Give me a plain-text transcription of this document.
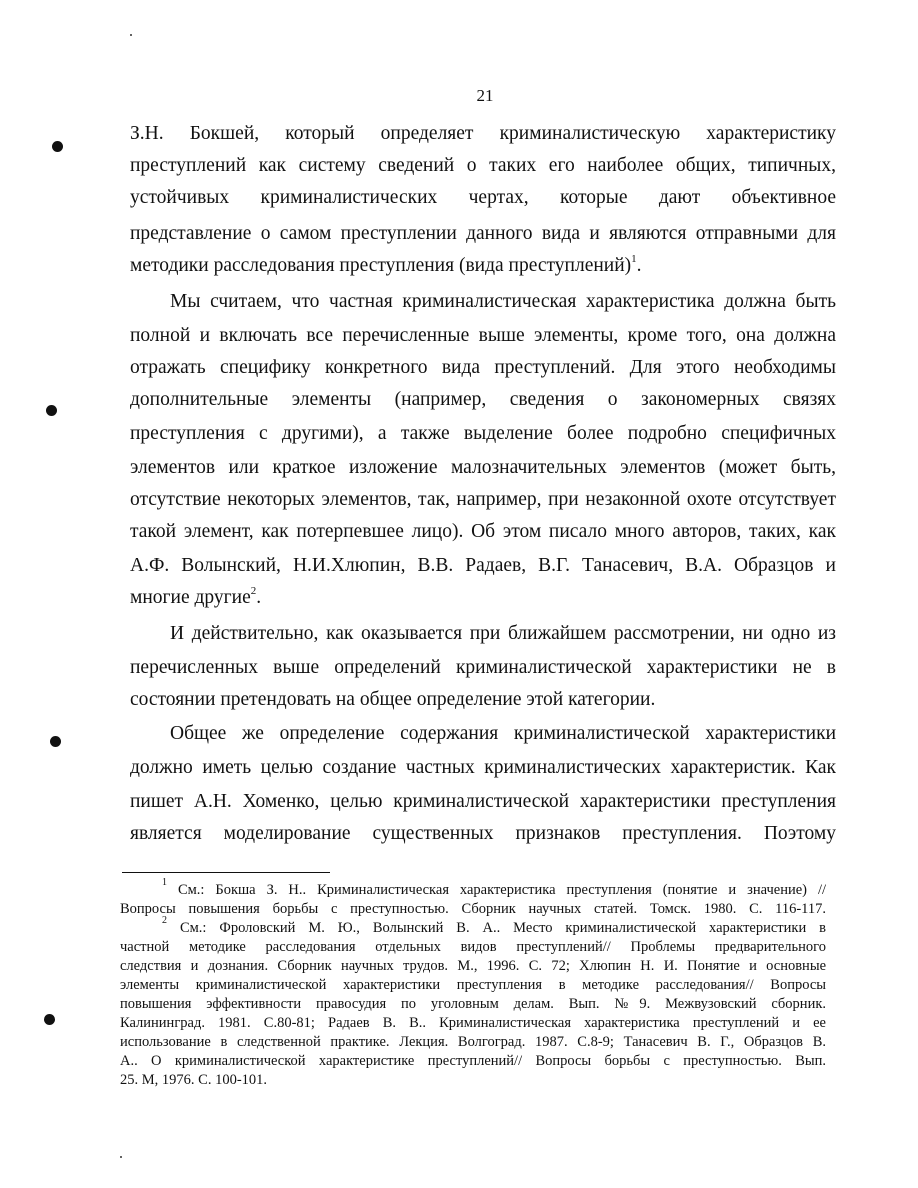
21
З.Н. Бокшей, который определяет криминалистическую характеристику
преступлений как систему сведений о таких его наиболее общих, типичных,
устойчивых криминалистических чертах, которые дают объективное
представление о самом преступлении данного вида и являются отправными для
методики расследования преступления (вида преступлений)$^1$.
Мы считаем, что частная криминалистическая характеристика должна быть
полной и включать все перечисленные выше элементы, кроме того, она должна
отражать специфику конкретного вида преступлений. Для этого необходимы
дополнительные элементы (например, сведения о закономерных связях
преступления с другими), а также выделение более подробно специфичных
элементов или краткое изложение малозначительных элементов (может быть,
отсутствие некоторых элементов, так, например, при незаконной охоте отсутствует
такой элемент, как потерпевшее лицо). Об этом писало много авторов, таких, как
А.Ф. Волынский, Н.И.Хлюпин, В.В. Радаев, В.Г. Танасевич, В.А. Образцов и
многие другие$^2$.
И действительно, как оказывается при ближайшем рассмотрении, ни одно из
перечисленных выше определений криминалистической характеристики не в
состоянии претендовать на общее определение этой категории.
Общее же определение содержания криминалистической характеристики
должно иметь целью создание частных криминалистических характеристик. Как
пишет А.Н. Хоменко, целью криминалистической характеристики преступления
является моделирование существенных признаков преступления. Поэтому
$^1$ См.: Бокша З. Н.. Криминалистическая характеристика преступления (понятие и значение) //
Вопросы повышения борьбы с преступностью. Сборник научных статей. Томск. 1980. С. 116-117.
$^2$ См.: Фроловский М. Ю., Волынский В. А.. Место криминалистической характеристики в
частной методике расследования отдельных видов преступлений// Проблемы предварительного
следствия и дознания. Сборник научных трудов. М., 1996. С. 72; Хлюпин Н. И. Понятие и основные
элементы криминалистической характеристики преступления в методике расследования// Вопросы
повышения эффективности правосудия по уголовным делам. Вып. №9. Межвузовский сборник.
Калининград. 1981. С.80-81; Радаев В. В.. Криминалистическая характеристика преступлений и ее
использование в следственной практике. Лекция. Волгоград. 1987. С.8-9; Танасевич В. Г., Образцов В.
А.. О криминалистической характеристике преступлений// Вопросы борьбы с преступностью. Вып.
25. М, 1976. С. 100-101.
